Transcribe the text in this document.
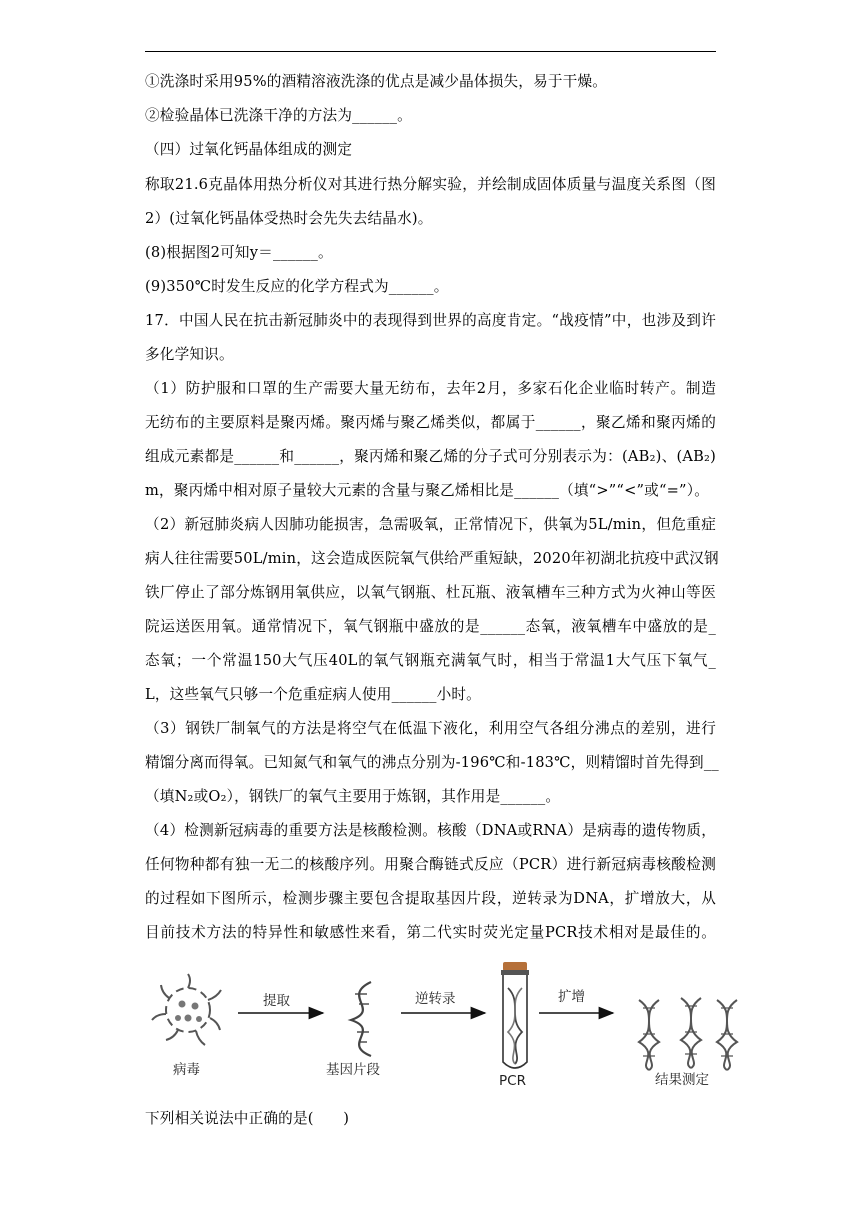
①洗涤时采用95%的酒精溶液洗涤的优点是减少晶体损失，易于干燥。
②检验晶体已洗涤干净的方法为______。
（四）过氧化钙晶体组成的测定
称取21.6克晶体用热分析仪对其进行热分解实验，并绘制成固体质量与温度关系图（图
2）(过氧化钙晶体受热时会先失去结晶水)。
(8)根据图2可知y＝______。
(9)350℃时发生反应的化学方程式为______。
17．中国人民在抗击新冠肺炎中的表现得到世界的高度肯定。“战疫情”中，也涉及到许
多化学知识。
（1）防护服和口罩的生产需要大量无纺布，去年2月，多家石化企业临时转产。制造
无纺布的主要原料是聚丙烯。聚丙烯与聚乙烯类似，都属于______，聚乙烯和聚丙烯的
组成元素都是______和______，聚丙烯和聚乙烯的分子式可分别表示为：(AB₂)、(AB₂)
m，聚丙烯中相对原子量较大元素的含量与聚乙烯相比是______（填“>”“<”或“=”）。
（2）新冠肺炎病人因肺功能损害，急需吸氧，正常情况下，供氧为5L/min，但危重症
病人往往需要50L/min，这会造成医院氧气供给严重短缺，2020年初湖北抗疫中武汉钢
铁厂停止了部分炼钢用氧供应，以氧气钢瓶、杜瓦瓶、液氧槽车三种方式为火神山等医
院运送医用氧。通常情况下，氧气钢瓶中盛放的是______态氧，液氧槽车中盛放的是_
态氧；一个常温150大气压40L的氧气钢瓶充满氧气时，相当于常温1大气压下氧气_
L，这些氧气只够一个危重症病人使用______小时。
（3）钢铁厂制氧气的方法是将空气在低温下液化，利用空气各组分沸点的差别，进行
精馏分离而得氧。已知氮气和氧气的沸点分别为-196℃和-183℃，则精馏时首先得到__
（填N₂或O₂），钢铁厂的氧气主要用于炼钢，其作用是______。
（4）检测新冠病毒的重要方法是核酸检测。核酸（DNA或RNA）是病毒的遗传物质，
任何物种都有独一无二的核酸序列。用聚合酶链式反应（PCR）进行新冠病毒核酸检测
的过程如下图所示，检测步骤主要包含提取基因片段，逆转录为DNA，扩增放大，从
目前技术方法的特异性和敏感性来看，第二代实时荧光定量PCR技术相对是最佳的。
病毒
提取
基因片段
逆转录
PCR
扩增
结果测定
下列相关说法中正确的是(　　)
